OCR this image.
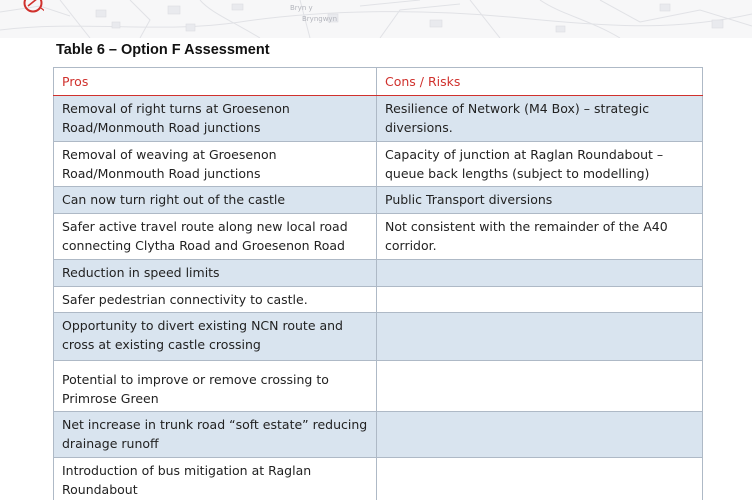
Bryn y
Bryngwyn
Table 6 – Option F Assessment
Pros	Cons / Risks
Removal of right turns at Groesenon Road/Monmouth Road junctions	Resilience of Network (M4 Box) – strategic diversions.
Removal of weaving at Groesenon Road/Monmouth Road junctions	Capacity of junction at Raglan Roundabout – queue back lengths (subject to modelling)
Can now turn right out of the castle	Public Transport diversions
Safer active travel route along new local road connecting Clytha Road and Groesenon Road	Not consistent with the remainder of the A40 corridor.
Reduction in speed limits	
Safer pedestrian connectivity to castle.	
Opportunity to divert existing NCN route and cross at existing castle crossing	
Potential to improve or remove crossing to Primrose Green	
Net increase in trunk road “soft estate” reducing drainage runoff	
Introduction of bus mitigation at Raglan Roundabout	
